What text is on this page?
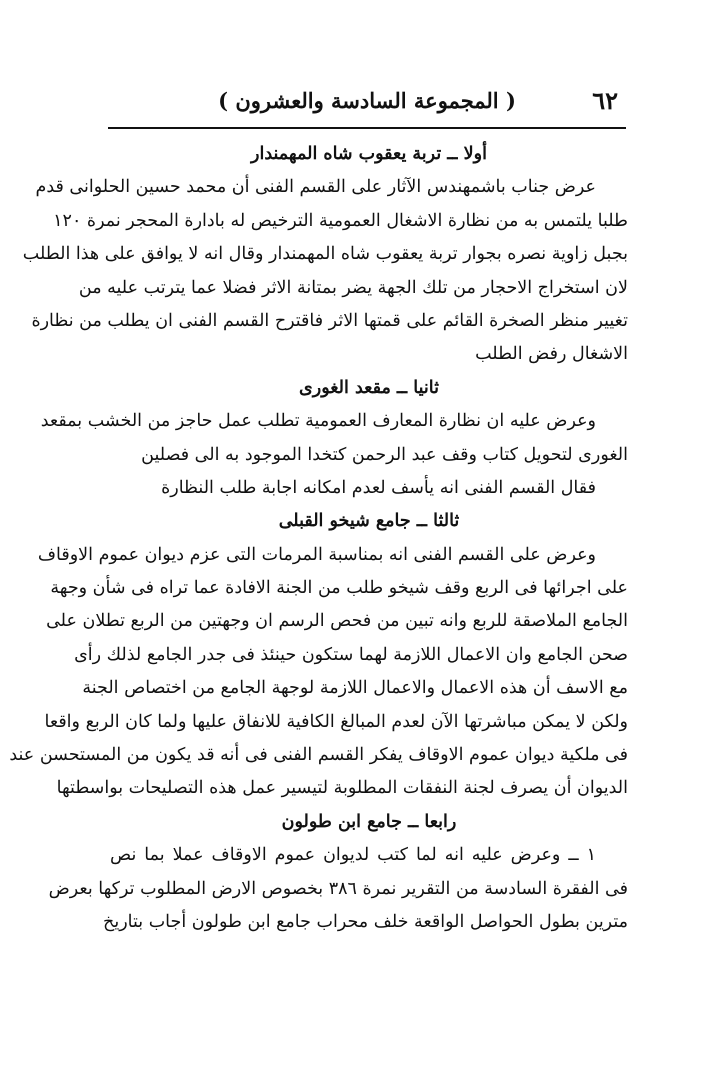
٦٢
( المجموعة السادسة والعشرون )
أولا ــ تربة يعقوب شاه المهمندار
عرض جناب باشمهندس الآثار على القسم الفنى أن محمد حسين الحلوانى قدم
طلبا يلتمس به من نظارة الاشغال العمومية الترخيص له بادارة المحجر نمرة ١٢٠
بجبل زاوية نصره بجوار تربة يعقوب شاه المهمندار وقال انه لا يوافق على هذا الطلب
لان استخراج الاحجار من تلك الجهة يضر بمتانة الاثر فضلا عما يترتب عليه من
تغيير منظر الصخرة القائم على قمتها الاثر فاقترح القسم الفنى ان يطلب من نظارة
الاشغال رفض الطلب
ثانيا ــ مقعد الغورى
وعرض عليه ان نظارة المعارف العمومية تطلب عمل حاجز من الخشب بمقعد
الغورى لتحويل كتاب وقف عبد الرحمن كتخدا الموجود به الى فصلين
فقال القسم الفنى انه يأسف لعدم امكانه اجابة طلب النظارة
ثالثا ــ جامع شيخو القبلى
وعرض على القسم الفنى انه بمناسبة المرمات التى عزم ديوان عموم الاوقاف
على اجرائها فى الربع وقف شيخو طلب من الجنة الافادة عما تراه فى شأن وجهة
الجامع الملاصقة للربع وانه تبين من فحص الرسم ان وجهتين من الربع تطلان على
صحن الجامع وان الاعمال اللازمة لهما ستكون حينئذ فى جدر الجامع لذلك رأى
مع الاسف أن هذه الاعمال والاعمال اللازمة لوجهة الجامع من اختصاص الجنة
ولكن لا يمكن مباشرتها الآن لعدم المبالغ الكافية للانفاق عليها ولما كان الربع واقعا
فى ملكية ديوان عموم الاوقاف يفكر القسم الفنى فى أنه قد يكون من المستحسن عند
الديوان أن يصرف لجنة النفقات المطلوبة لتيسير عمل هذه التصليحات بواسطتها
رابعا ــ جامع ابن طولون
١ ــ وعرض عليه انه لما كتب لديوان عموم الاوقاف عملا بما نص
فى الفقرة السادسة من التقرير نمرة ٣٨٦ بخصوص الارض المطلوب تركها بعرض
مترين بطول الحواصل الواقعة خلف محراب جامع ابن طولون أجاب بتاريخ
